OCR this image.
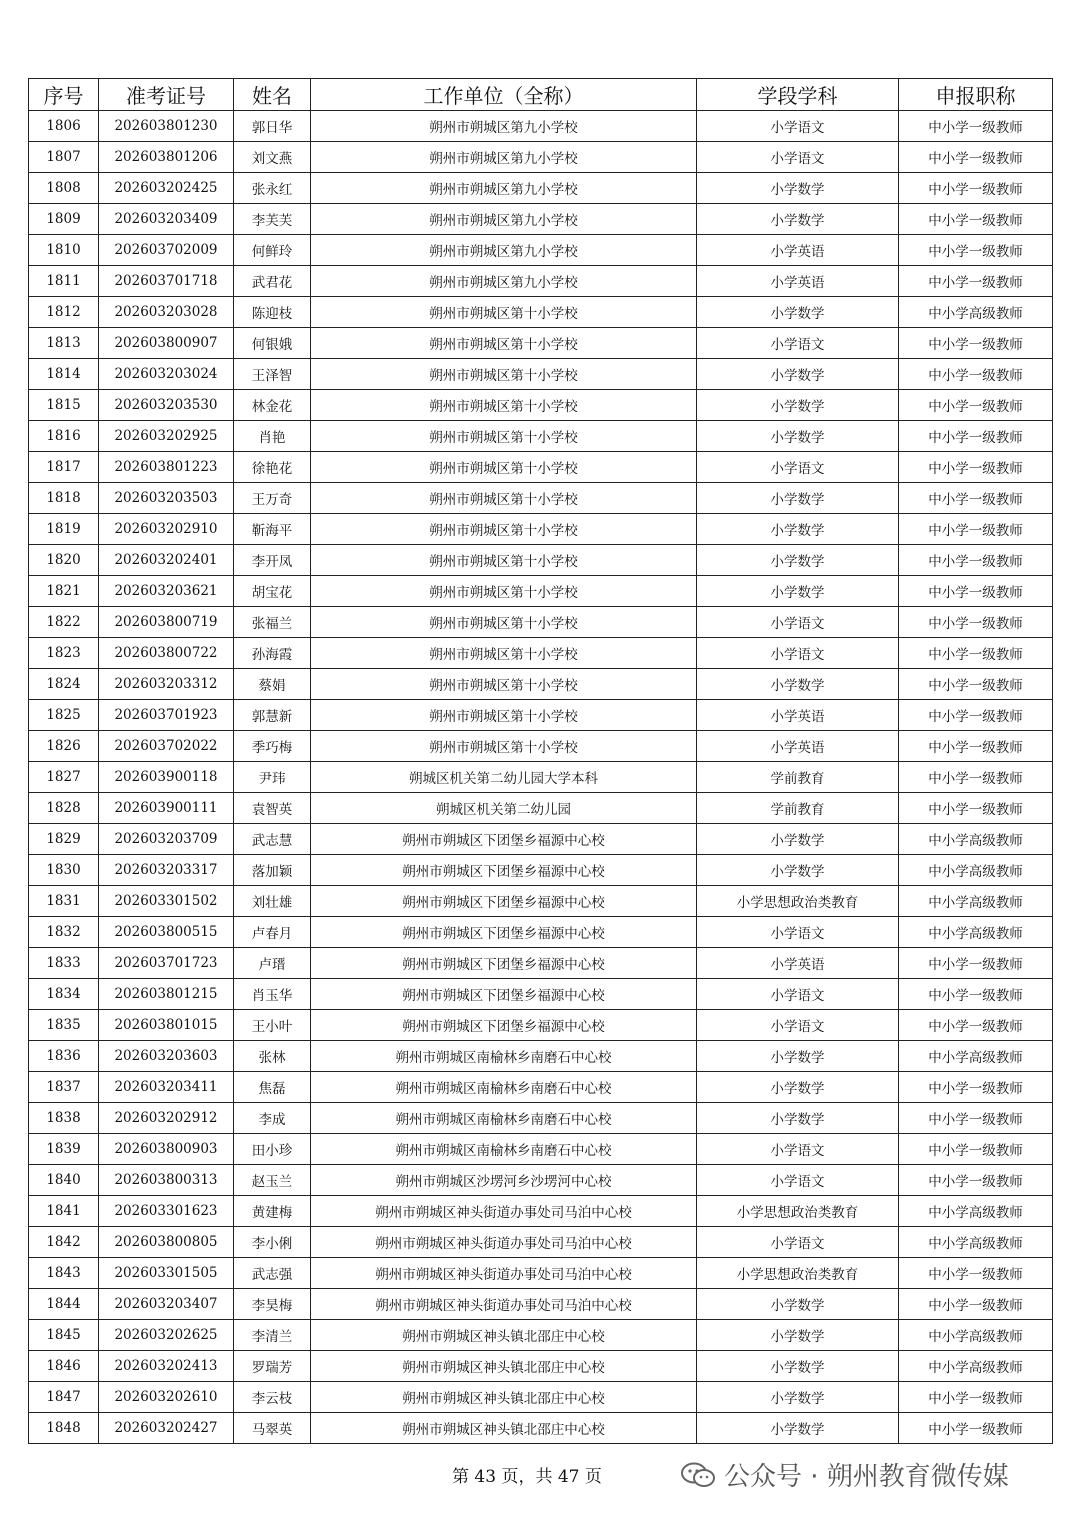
序号	准考证号	姓名	工作单位（全称）	学段学科	申报职称
1806	202603801230	郭日华	朔州市朔城区第九小学校	小学语文	中小学一级教师
1807	202603801206	刘文燕	朔州市朔城区第九小学校	小学语文	中小学一级教师
1808	202603202425	张永红	朔州市朔城区第九小学校	小学数学	中小学一级教师
1809	202603203409	李芙芙	朔州市朔城区第九小学校	小学数学	中小学一级教师
1810	202603702009	何鲜玲	朔州市朔城区第九小学校	小学英语	中小学一级教师
1811	202603701718	武君花	朔州市朔城区第九小学校	小学英语	中小学一级教师
1812	202603203028	陈迎枝	朔州市朔城区第十小学校	小学数学	中小学高级教师
1813	202603800907	何银娥	朔州市朔城区第十小学校	小学语文	中小学一级教师
1814	202603203024	王泽智	朔州市朔城区第十小学校	小学数学	中小学一级教师
1815	202603203530	林金花	朔州市朔城区第十小学校	小学数学	中小学一级教师
1816	202603202925	肖艳	朔州市朔城区第十小学校	小学数学	中小学一级教师
1817	202603801223	徐艳花	朔州市朔城区第十小学校	小学语文	中小学一级教师
1818	202603203503	王万奇	朔州市朔城区第十小学校	小学数学	中小学一级教师
1819	202603202910	靳海平	朔州市朔城区第十小学校	小学数学	中小学一级教师
1820	202603202401	李开凤	朔州市朔城区第十小学校	小学数学	中小学一级教师
1821	202603203621	胡宝花	朔州市朔城区第十小学校	小学数学	中小学一级教师
1822	202603800719	张福兰	朔州市朔城区第十小学校	小学语文	中小学一级教师
1823	202603800722	孙海霞	朔州市朔城区第十小学校	小学语文	中小学一级教师
1824	202603203312	蔡娟	朔州市朔城区第十小学校	小学数学	中小学一级教师
1825	202603701923	郭慧新	朔州市朔城区第十小学校	小学英语	中小学一级教师
1826	202603702022	季巧梅	朔州市朔城区第十小学校	小学英语	中小学一级教师
1827	202603900118	尹玮	朔城区机关第二幼儿园大学本科	学前教育	中小学一级教师
1828	202603900111	袁智英	朔城区机关第二幼儿园	学前教育	中小学一级教师
1829	202603203709	武志慧	朔州市朔城区下团堡乡福源中心校	小学数学	中小学高级教师
1830	202603203317	落加颖	朔州市朔城区下团堡乡福源中心校	小学数学	中小学高级教师
1831	202603301502	刘壮雄	朔州市朔城区下团堡乡福源中心校	小学思想政治类教育	中小学高级教师
1832	202603800515	卢春月	朔州市朔城区下团堡乡福源中心校	小学语文	中小学高级教师
1833	202603701723	卢瑨	朔州市朔城区下团堡乡福源中心校	小学英语	中小学一级教师
1834	202603801215	肖玉华	朔州市朔城区下团堡乡福源中心校	小学语文	中小学一级教师
1835	202603801015	王小叶	朔州市朔城区下团堡乡福源中心校	小学语文	中小学一级教师
1836	202603203603	张林	朔州市朔城区南榆林乡南磨石中心校	小学数学	中小学高级教师
1837	202603203411	焦磊	朔州市朔城区南榆林乡南磨石中心校	小学数学	中小学一级教师
1838	202603202912	李成	朔州市朔城区南榆林乡南磨石中心校	小学数学	中小学一级教师
1839	202603800903	田小珍	朔州市朔城区南榆林乡南磨石中心校	小学语文	中小学一级教师
1840	202603800313	赵玉兰	朔州市朔城区沙塄河乡沙塄河中心校	小学语文	中小学一级教师
1841	202603301623	黄建梅	朔州市朔城区神头街道办事处司马泊中心校	小学思想政治类教育	中小学高级教师
1842	202603800805	李小俐	朔州市朔城区神头街道办事处司马泊中心校	小学语文	中小学高级教师
1843	202603301505	武志强	朔州市朔城区神头街道办事处司马泊中心校	小学思想政治类教育	中小学一级教师
1844	202603203407	李昊梅	朔州市朔城区神头街道办事处司马泊中心校	小学数学	中小学一级教师
1845	202603202625	李清兰	朔州市朔城区神头镇北邵庄中心校	小学数学	中小学高级教师
1846	202603202413	罗瑞芳	朔州市朔城区神头镇北邵庄中心校	小学数学	中小学高级教师
1847	202603202610	李云枝	朔州市朔城区神头镇北邵庄中心校	小学数学	中小学一级教师
1848	202603202427	马翠英	朔州市朔城区神头镇北邵庄中心校	小学数学	中小学一级教师
第 43 页，共 47 页	公众号 · 朔州教育微传媒
